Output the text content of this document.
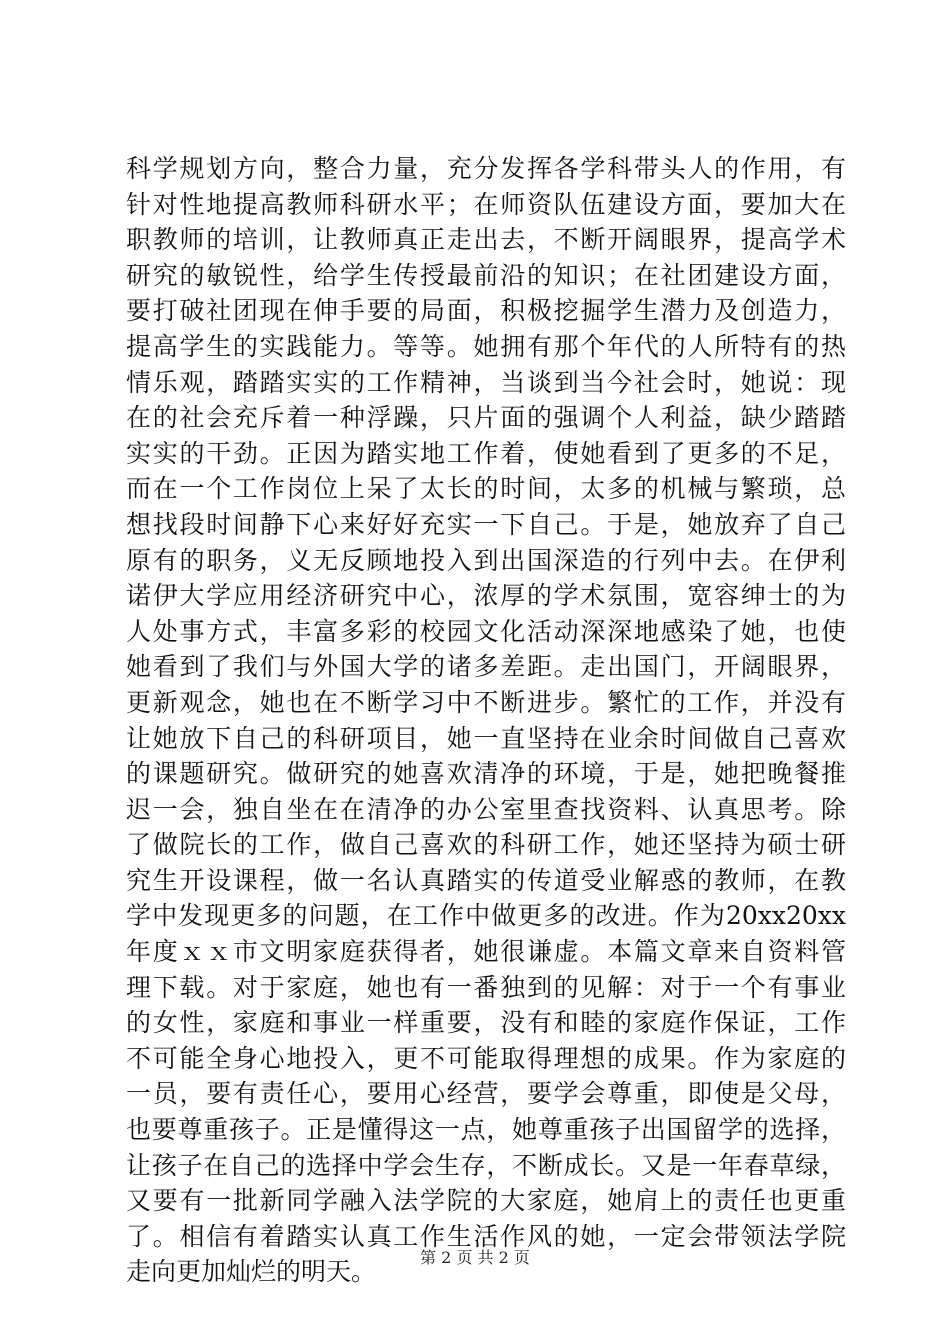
科学规划方向，整合力量，充分发挥各学科带头人的作用，有
针对性地提高教师科研水平；在师资队伍建设方面，要加大在
职教师的培训，让教师真正走出去，不断开阔眼界，提高学术
研究的敏锐性，给学生传授最前沿的知识；在社团建设方面，
要打破社团现在伸手要的局面，积极挖掘学生潜力及创造力，
提高学生的实践能力。等等。她拥有那个年代的人所特有的热
情乐观，踏踏实实的工作精神，当谈到当今社会时，她说：现
在的社会充斥着一种浮躁，只片面的强调个人利益，缺少踏踏
实实的干劲。正因为踏实地工作着，使她看到了更多的不足，
而在一个工作岗位上呆了太长的时间，太多的机械与繁琐，总
想找段时间静下心来好好充实一下自己。于是，她放弃了自己
原有的职务，义无反顾地投入到出国深造的行列中去。在伊利
诺伊大学应用经济研究中心，浓厚的学术氛围，宽容绅士的为
人处事方式，丰富多彩的校园文化活动深深地感染了她，也使
她看到了我们与外国大学的诸多差距。走出国门，开阔眼界，
更新观念，她也在不断学习中不断进步。繁忙的工作，并没有
让她放下自己的科研项目，她一直坚持在业余时间做自己喜欢
的课题研究。做研究的她喜欢清净的环境，于是，她把晚餐推
迟一会，独自坐在在清净的办公室里查找资料、认真思考。除
了做院长的工作，做自己喜欢的科研工作，她还坚持为硕士研
究生开设课程，做一名认真踏实的传道受业解惑的教师，在教
学中发现更多的问题，在工作中做更多的改进。作为20xx20xx
年度ｘｘ市文明家庭获得者，她很谦虚。本篇文章来自资料管
理下载。对于家庭，她也有一番独到的见解：对于一个有事业
的女性，家庭和事业一样重要，没有和睦的家庭作保证，工作
不可能全身心地投入，更不可能取得理想的成果。作为家庭的
一员，要有责任心，要用心经营，要学会尊重，即使是父母，
也要尊重孩子。正是懂得这一点，她尊重孩子出国留学的选择，
让孩子在自己的选择中学会生存，不断成长。又是一年春草绿，
又要有一批新同学融入法学院的大家庭，她肩上的责任也更重
了。相信有着踏实认真工作生活作风的她，一定会带领法学院
走向更加灿烂的明天。	第 2 页 共 2 页
